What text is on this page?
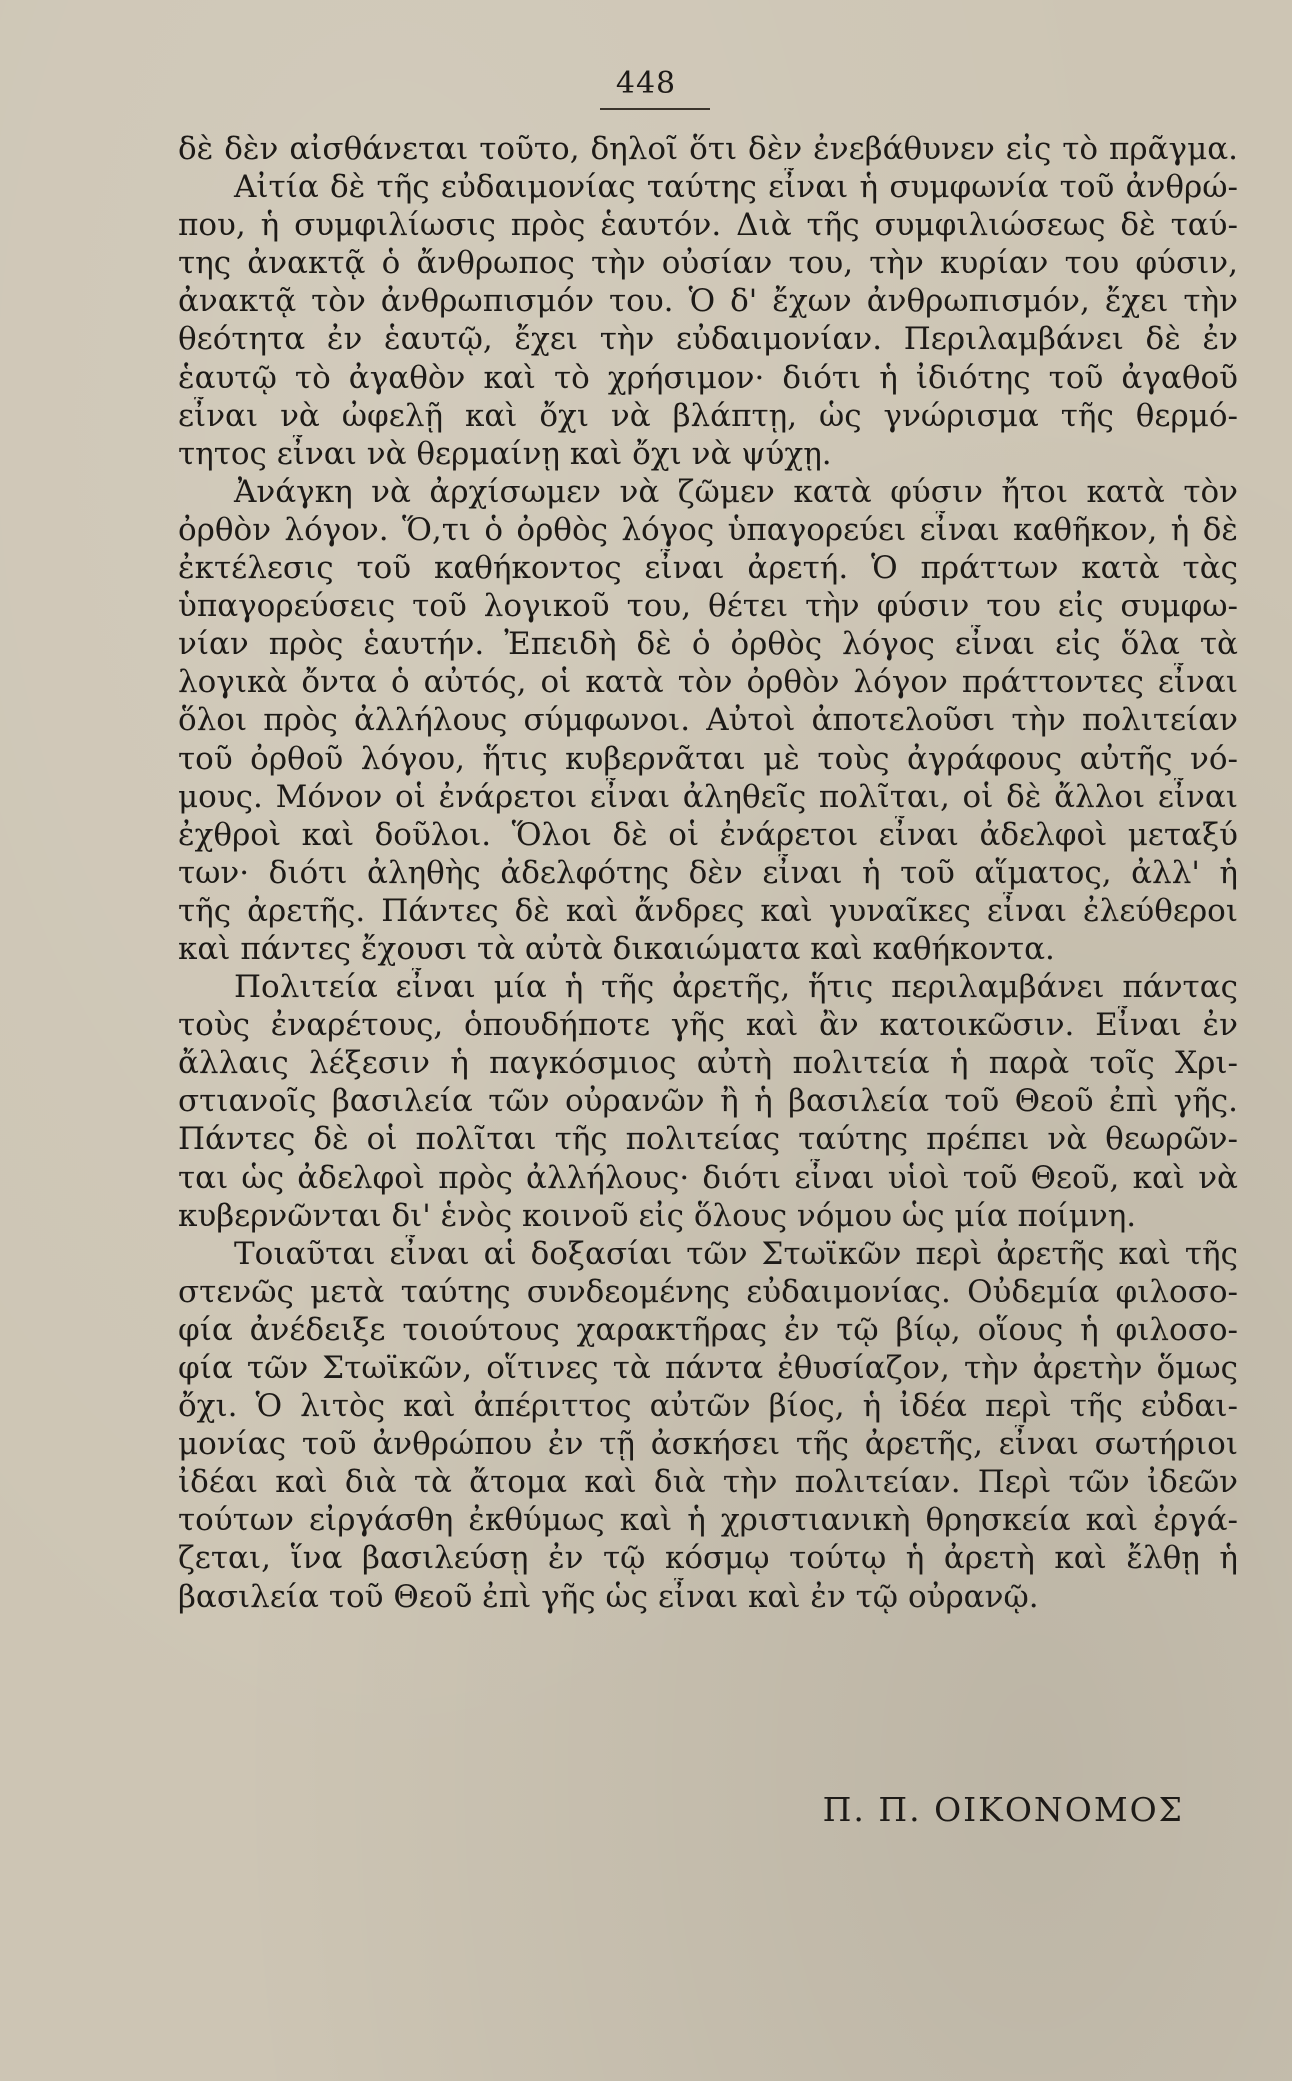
448
δὲ δὲν αἰσθάνεται τοῦτο, δηλοῖ ὅτι δὲν ἐνεβάθυνεν εἰς τὸ πρᾶγμα.
Αἰτία δὲ τῆς εὐδαιμονίας ταύτης εἶναι ἡ συμφωνία τοῦ ἀνθρώ-
που, ἡ συμφιλίωσις πρὸς ἑαυτόν. Διὰ τῆς συμφιλιώσεως δὲ ταύ-
της ἀνακτᾷ ὁ ἄνθρωπος τὴν οὐσίαν του, τὴν κυρίαν του φύσιν,
ἀνακτᾷ τὸν ἀνθρωπισμόν του. Ὁ δ' ἔχων ἀνθρωπισμόν, ἔχει τὴν
θεότητα ἐν ἑαυτῷ, ἔχει τὴν εὐδαιμονίαν. Περιλαμβάνει δὲ ἐν
ἑαυτῷ τὸ ἀγαθὸν καὶ τὸ χρήσιμον· διότι ἡ ἰδιότης τοῦ ἀγαθοῦ
εἶναι νὰ ὠφελῇ καὶ ὄχι νὰ βλάπτῃ, ὡς γνώρισμα τῆς θερμό-
τητος εἶναι νὰ θερμαίνῃ καὶ ὄχι νὰ ψύχῃ.
Ἀνάγκη νὰ ἀρχίσωμεν νὰ ζῶμεν κατὰ φύσιν ἤτοι κατὰ τὸν
ὀρθὸν λόγον. Ὅ,τι ὁ ὀρθὸς λόγος ὑπαγορεύει εἶναι καθῆκον, ἡ δὲ
ἐκτέλεσις τοῦ καθήκοντος εἶναι ἀρετή. Ὁ πράττων κατὰ τὰς
ὑπαγορεύσεις τοῦ λογικοῦ του, θέτει τὴν φύσιν του εἰς συμφω-
νίαν πρὸς ἑαυτήν. Ἐπειδὴ δὲ ὁ ὀρθὸς λόγος εἶναι εἰς ὅλα τὰ
λογικὰ ὄντα ὁ αὐτός, οἱ κατὰ τὸν ὀρθὸν λόγον πράττοντες εἶναι
ὅλοι πρὸς ἀλλήλους σύμφωνοι. Αὐτοὶ ἀποτελοῦσι τὴν πολιτείαν
τοῦ ὀρθοῦ λόγου, ἥτις κυβερνᾶται μὲ τοὺς ἀγράφους αὐτῆς νό-
μους. Μόνον οἱ ἐνάρετοι εἶναι ἀληθεῖς πολῖται, οἱ δὲ ἄλλοι εἶναι
ἐχθροὶ καὶ δοῦλοι. Ὅλοι δὲ οἱ ἐνάρετοι εἶναι ἀδελφοὶ μεταξύ
των· διότι ἀληθὴς ἀδελφότης δὲν εἶναι ἡ τοῦ αἵματος, ἀλλ' ἡ
τῆς ἀρετῆς. Πάντες δὲ καὶ ἄνδρες καὶ γυναῖκες εἶναι ἐλεύθεροι
καὶ πάντες ἔχουσι τὰ αὐτὰ δικαιώματα καὶ καθήκοντα.
Πολιτεία εἶναι μία ἡ τῆς ἀρετῆς, ἥτις περιλαμβάνει πάντας
τοὺς ἐναρέτους, ὁπουδήποτε γῆς καὶ ἂν κατοικῶσιν. Εἶναι ἐν
ἄλλαις λέξεσιν ἡ παγκόσμιος αὐτὴ πολιτεία ἡ παρὰ τοῖς Χρι-
στιανοῖς βασιλεία τῶν οὐρανῶν ἢ ἡ βασιλεία τοῦ Θεοῦ ἐπὶ γῆς.
Πάντες δὲ οἱ πολῖται τῆς πολιτείας ταύτης πρέπει νὰ θεωρῶν-
ται ὡς ἀδελφοὶ πρὸς ἀλλήλους· διότι εἶναι υἱοὶ τοῦ Θεοῦ, καὶ νὰ
κυβερνῶνται δι' ἑνὸς κοινοῦ εἰς ὅλους νόμου ὡς μία ποίμνη.
Τοιαῦται εἶναι αἱ δοξασίαι τῶν Στωϊκῶν περὶ ἀρετῆς καὶ τῆς
στενῶς μετὰ ταύτης συνδεομένης εὐδαιμονίας. Οὐδεμία φιλοσο-
φία ἀνέδειξε τοιούτους χαρακτῆρας ἐν τῷ βίῳ, οἵους ἡ φιλοσο-
φία τῶν Στωϊκῶν, οἵτινες τὰ πάντα ἐθυσίαζον, τὴν ἀρετὴν ὅμως
ὄχι. Ὁ λιτὸς καὶ ἀπέριττος αὐτῶν βίος, ἡ ἰδέα περὶ τῆς εὐδαι-
μονίας τοῦ ἀνθρώπου ἐν τῇ ἀσκήσει τῆς ἀρετῆς, εἶναι σωτήριοι
ἰδέαι καὶ διὰ τὰ ἄτομα καὶ διὰ τὴν πολιτείαν. Περὶ τῶν ἰδεῶν
τούτων εἰργάσθη ἐκθύμως καὶ ἡ χριστιανικὴ θρησκεία καὶ ἐργά-
ζεται, ἵνα βασιλεύσῃ ἐν τῷ κόσμῳ τούτῳ ἡ ἀρετὴ καὶ ἔλθῃ ἡ
βασιλεία τοῦ Θεοῦ ἐπὶ γῆς ὡς εἶναι καὶ ἐν τῷ οὐρανῷ.
Π. Π. ΟΙΚΟΝΟΜΟΣ
